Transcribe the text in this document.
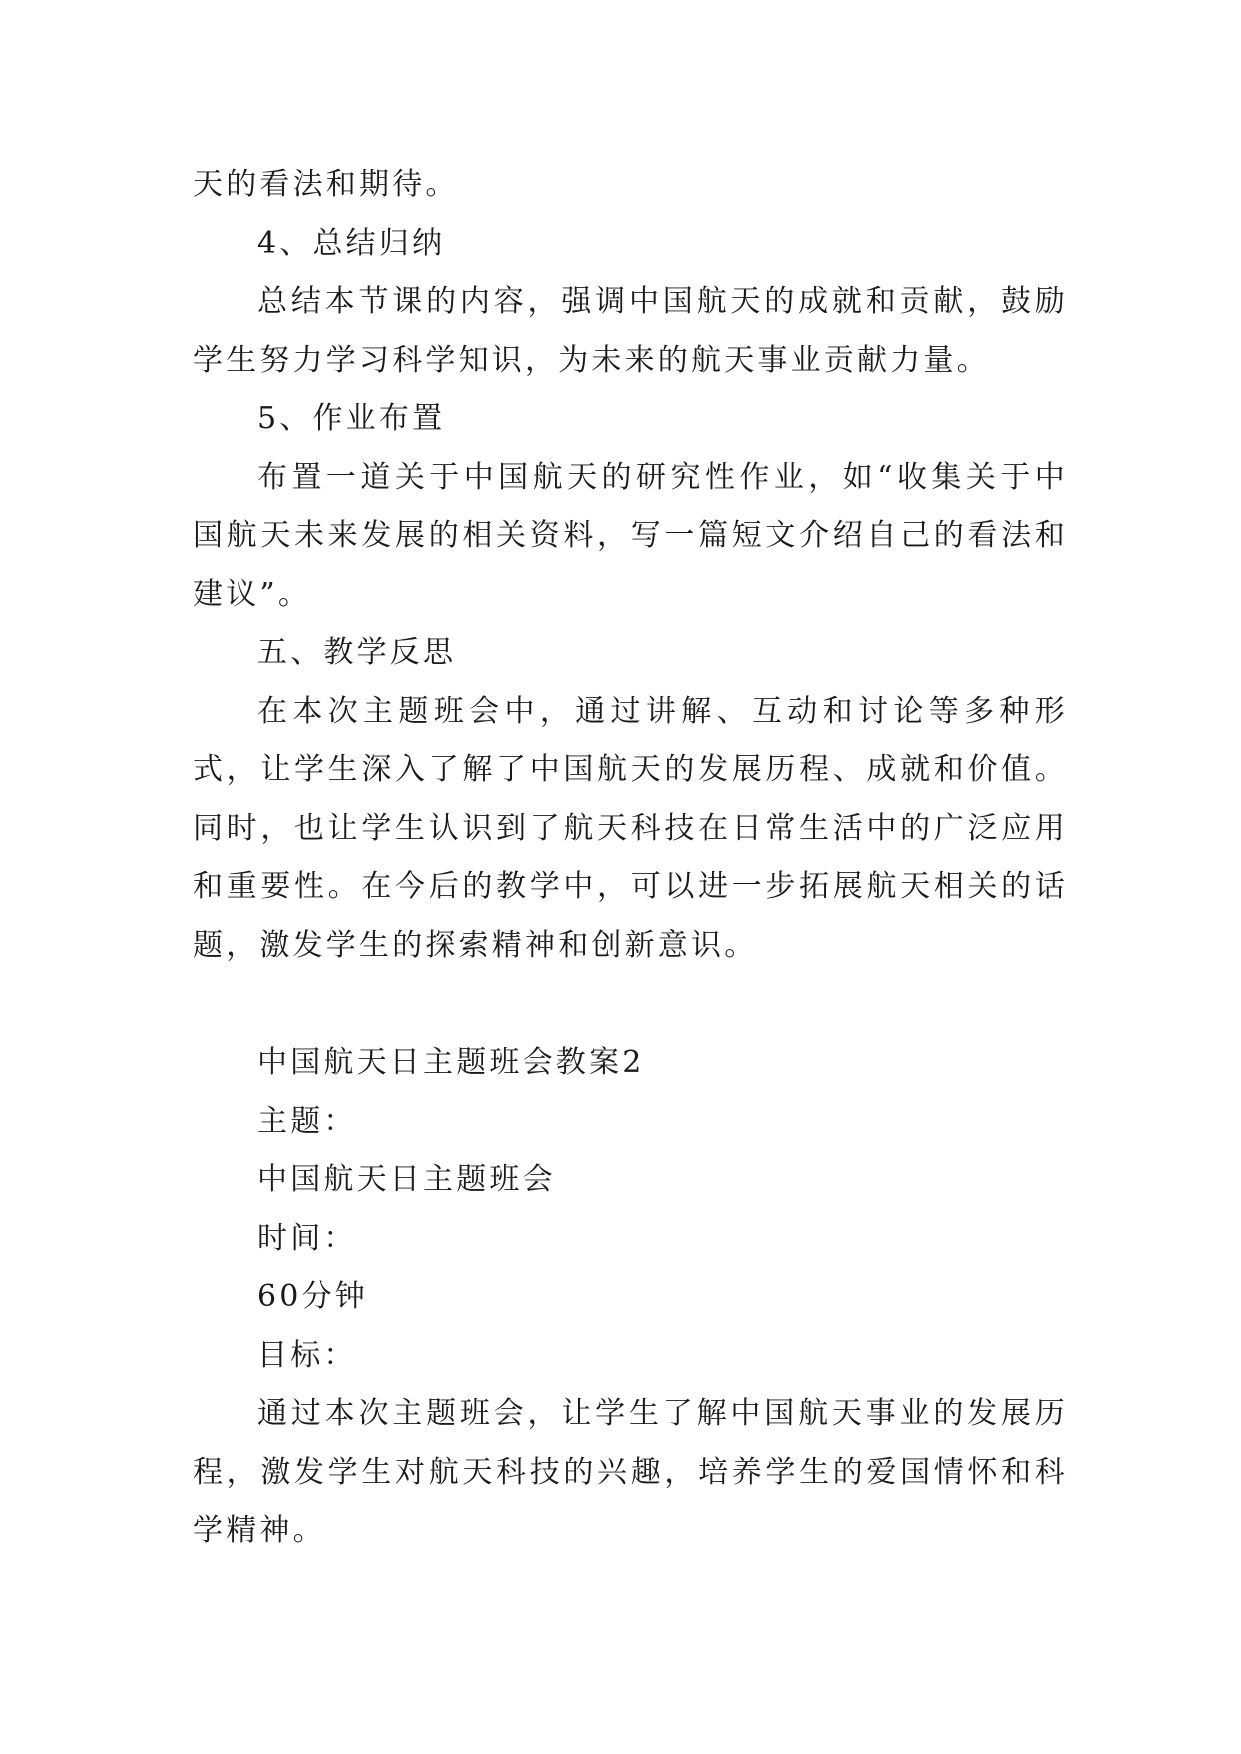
天的看法和期待。

4、总结归纳

总结本节课的内容，强调中国航天的成就和贡献，鼓励学生努力学习科学知识，为未来的航天事业贡献力量。

5、作业布置

布置一道关于中国航天的研究性作业，如“收集关于中国航天未来发展的相关资料，写一篇短文介绍自己的看法和建议”。

五、教学反思

在本次主题班会中，通过讲解、互动和讨论等多种形式，让学生深入了解了中国航天的发展历程、成就和价值。同时，也让学生认识到了航天科技在日常生活中的广泛应用和重要性。在今后的教学中，可以进一步拓展航天相关的话题，激发学生的探索精神和创新意识。

中国航天日主题班会教案2

主题：

中国航天日主题班会

时间：

60分钟

目标：

通过本次主题班会，让学生了解中国航天事业的发展历程，激发学生对航天科技的兴趣，培养学生的爱国情怀和科学精神。
